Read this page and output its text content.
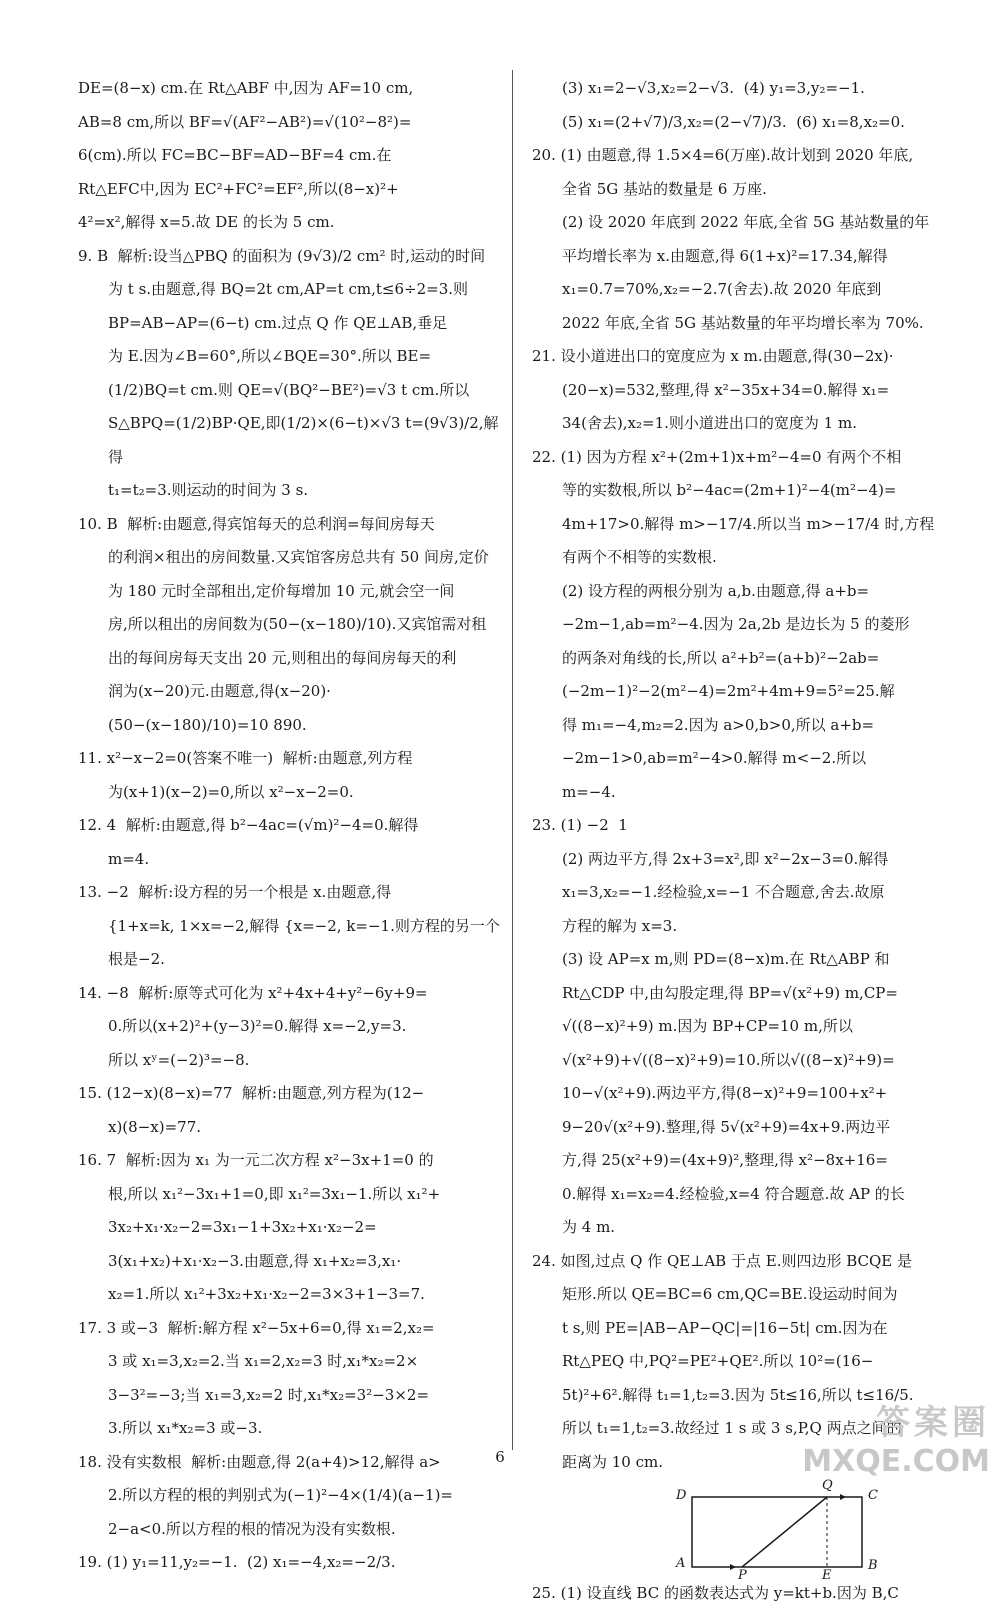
DE=(8−x) cm.在 Rt△ABF 中,因为 AF=10 cm,

AB=8 cm,所以 BF=√(AF²−AB²)=√(10²−8²)=

6(cm).所以 FC=BC−BF=AD−BF=4 cm.在

Rt△EFC中,因为 EC²+FC²=EF²,所以(8−x)²+

4²=x²,解得 x=5.故 DE 的长为 5 cm.

9. B  解析:设当△PBQ 的面积为 (9√3)/2 cm² 时,运动的时间

为 t s.由题意,得 BQ=2t cm,AP=t cm,t≤6÷2=3.则

BP=AB−AP=(6−t) cm.过点 Q 作 QE⊥AB,垂足

为 E.因为∠B=60°,所以∠BQE=30°.所以 BE=

(1/2)BQ=t cm.则 QE=√(BQ²−BE²)=√3 t cm.所以

S△BPQ=(1/2)BP·QE,即(1/2)×(6−t)×√3 t=(9√3)/2,解得

t₁=t₂=3.则运动的时间为 3 s.

10. B  解析:由题意,得宾馆每天的总利润=每间房每天

的利润×租出的房间数量.又宾馆客房总共有 50 间房,定价

为 180 元时全部租出,定价每增加 10 元,就会空一间

房,所以租出的房间数为(50−(x−180)/10).又宾馆需对租

出的每间房每天支出 20 元,则租出的每间房每天的利

润为(x−20)元.由题意,得(x−20)·

(50−(x−180)/10)=10 890.

11. x²−x−2=0(答案不唯一)  解析:由题意,列方程

为(x+1)(x−2)=0,所以 x²−x−2=0.

12. 4  解析:由题意,得 b²−4ac=(√m)²−4=0.解得

m=4.

13. −2  解析:设方程的另一个根是 x.由题意,得

{1+x=k, 1×x=−2,解得 {x=−2, k=−1.则方程的另一个根是−2.

14. −8  解析:原等式可化为 x²+4x+4+y²−6y+9=

0.所以(x+2)²+(y−3)²=0.解得 x=−2,y=3.

所以 xʸ=(−2)³=−8.

15. (12−x)(8−x)=77  解析:由题意,列方程为(12−

x)(8−x)=77.

16. 7  解析:因为 x₁ 为一元二次方程 x²−3x+1=0 的

根,所以 x₁²−3x₁+1=0,即 x₁²=3x₁−1.所以 x₁²+

3x₂+x₁·x₂−2=3x₁−1+3x₂+x₁·x₂−2=

3(x₁+x₂)+x₁·x₂−3.由题意,得 x₁+x₂=3,x₁·

x₂=1.所以 x₁²+3x₂+x₁·x₂−2=3×3+1−3=7.

17. 3 或−3  解析:解方程 x²−5x+6=0,得 x₁=2,x₂=

3 或 x₁=3,x₂=2.当 x₁=2,x₂=3 时,x₁*x₂=2×

3−3²=−3;当 x₁=3,x₂=2 时,x₁*x₂=3²−3×2=

3.所以 x₁*x₂=3 或−3.

18. 没有实数根  解析:由题意,得 2(a+4)>12,解得 a>

2.所以方程的根的判别式为(−1)²−4×(1/4)(a−1)=

2−a<0.所以方程的根的情况为没有实数根.

19. (1) y₁=11,y₂=−1.  (2) x₁=−4,x₂=−2/3.

(3) x₁=2−√3,x₂=2−√3.  (4) y₁=3,y₂=−1.

(5) x₁=(2+√7)/3,x₂=(2−√7)/3.  (6) x₁=8,x₂=0.

20. (1) 由题意,得 1.5×4=6(万座).故计划到 2020 年底,

全省 5G 基站的数量是 6 万座.

(2) 设 2020 年底到 2022 年底,全省 5G 基站数量的年

平均增长率为 x.由题意,得 6(1+x)²=17.34,解得

x₁=0.7=70%,x₂=−2.7(舍去).故 2020 年底到

2022 年底,全省 5G 基站数量的年平均增长率为 70%.

21. 设小道进出口的宽度应为 x m.由题意,得(30−2x)·

(20−x)=532,整理,得 x²−35x+34=0.解得 x₁=

34(舍去),x₂=1.则小道进出口的宽度为 1 m.

22. (1) 因为方程 x²+(2m+1)x+m²−4=0 有两个不相

等的实数根,所以 b²−4ac=(2m+1)²−4(m²−4)=

4m+17>0.解得 m>−17/4.所以当 m>−17/4 时,方程

有两个不相等的实数根.

(2) 设方程的两根分别为 a,b.由题意,得 a+b=

−2m−1,ab=m²−4.因为 2a,2b 是边长为 5 的菱形

的两条对角线的长,所以 a²+b²=(a+b)²−2ab=

(−2m−1)²−2(m²−4)=2m²+4m+9=5²=25.解

得 m₁=−4,m₂=2.因为 a>0,b>0,所以 a+b=

−2m−1>0,ab=m²−4>0.解得 m<−2.所以

m=−4.

23. (1) −2  1

(2) 两边平方,得 2x+3=x²,即 x²−2x−3=0.解得

x₁=3,x₂=−1.经检验,x=−1 不合题意,舍去.故原

方程的解为 x=3.

(3) 设 AP=x m,则 PD=(8−x)m.在 Rt△ABP 和

Rt△CDP 中,由勾股定理,得 BP=√(x²+9) m,CP=

√((8−x)²+9) m.因为 BP+CP=10 m,所以

√(x²+9)+√((8−x)²+9)=10.所以√((8−x)²+9)=

10−√(x²+9).两边平方,得(8−x)²+9=100+x²+

9−20√(x²+9).整理,得 5√(x²+9)=4x+9.两边平

方,得 25(x²+9)=(4x+9)²,整理,得 x²−8x+16=

0.解得 x₁=x₂=4.经检验,x=4 符合题意.故 AP 的长

为 4 m.

24. 如图,过点 Q 作 QE⊥AB 于点 E.则四边形 BCQE 是

矩形.所以 QE=BC=6 cm,QC=BE.设运动时间为

t s,则 PE=|AB−AP−QC|=|16−5t| cm.因为在

Rt△PEQ 中,PQ²=PE²+QE².所以 10²=(16−

5t)²+6².解得 t₁=1,t₂=3.因为 5t≤16,所以 t≤16/5.

所以 t₁=1,t₂=3.故经过 1 s 或 3 s,P,Q 两点之间的

距离为 10 cm.

D
Q
C
A
P	E
B

25. (1) 设直线 BC 的函数表达式为 y=kt+b.因为 B,C

6
答案圈
MXQE.COM
